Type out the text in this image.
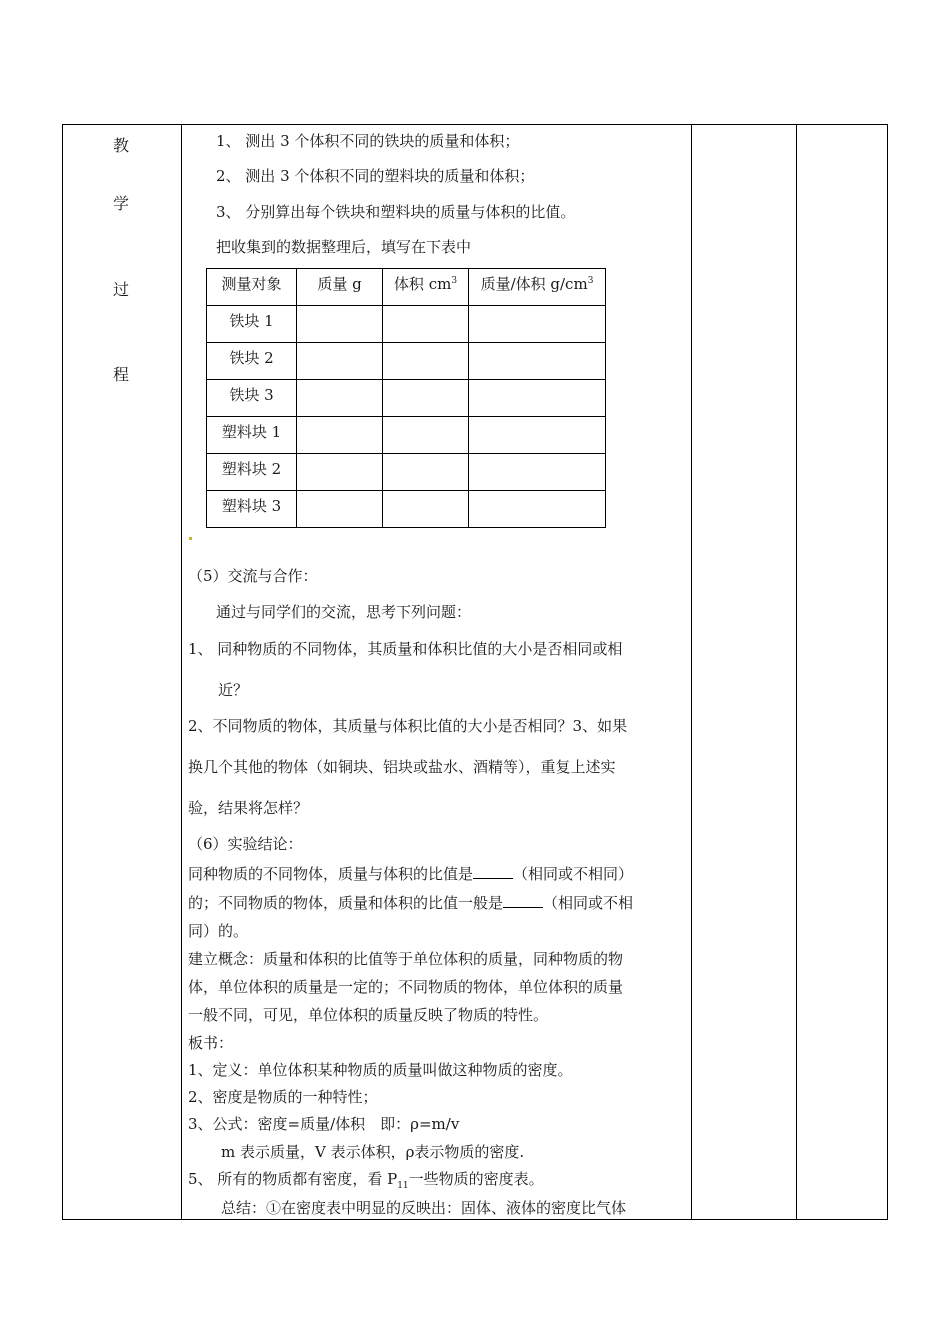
教
学
过
程
1、 测出 3 个体积不同的铁块的质量和体积；
2、 测出 3 个体积不同的塑料块的质量和体积；
3、 分别算出每个铁块和塑料块的质量与体积的比值。
把收集到的数据整理后，填写在下表中
测量对象	质量 g	体积 $cm^3$	质量/体积 $g/cm^3$
铁块 1			
铁块 2			
铁块 3			
塑料块 1			
塑料块 2			
塑料块 3			
（5）交流与合作：
通过与同学们的交流，思考下列问题：
1、 同种物质的不同物体，其质量和体积比值的大小是否相同或相
近？
2、不同物质的物体，其质量与体积比值的大小是否相同？3、如果
换几个其他的物体（如铜块、铝块或盐水、酒精等），重复上述实
验，结果将怎样？
（6）实验结论：
同种物质的不同物体，质量与体积的比值是	（相同或不相同）
的；不同物质的物体，质量和体积的比值一般是	（相同或不相
同）的。
建立概念：质量和体积的比值等于单位体积的质量，同种物质的物
体，单位体积的质量是一定的；不同物质的物体，单位体积的质量
一般不同，可见，单位体积的质量反映了物质的特性。
板书：
1、定义：单位体积某种物质的质量叫做这种物质的密度。
2、密度是物质的一种特性；
3、公式：密度=质量/体积　即：ρ=m/v
m 表示质量，V 表示体积，ρ表示物质的密度.
5、 所有的物质都有密度，看 $P_{11}$一些物质的密度表。
总结：①在密度表中明显的反映出：固体、液体的密度比气体
